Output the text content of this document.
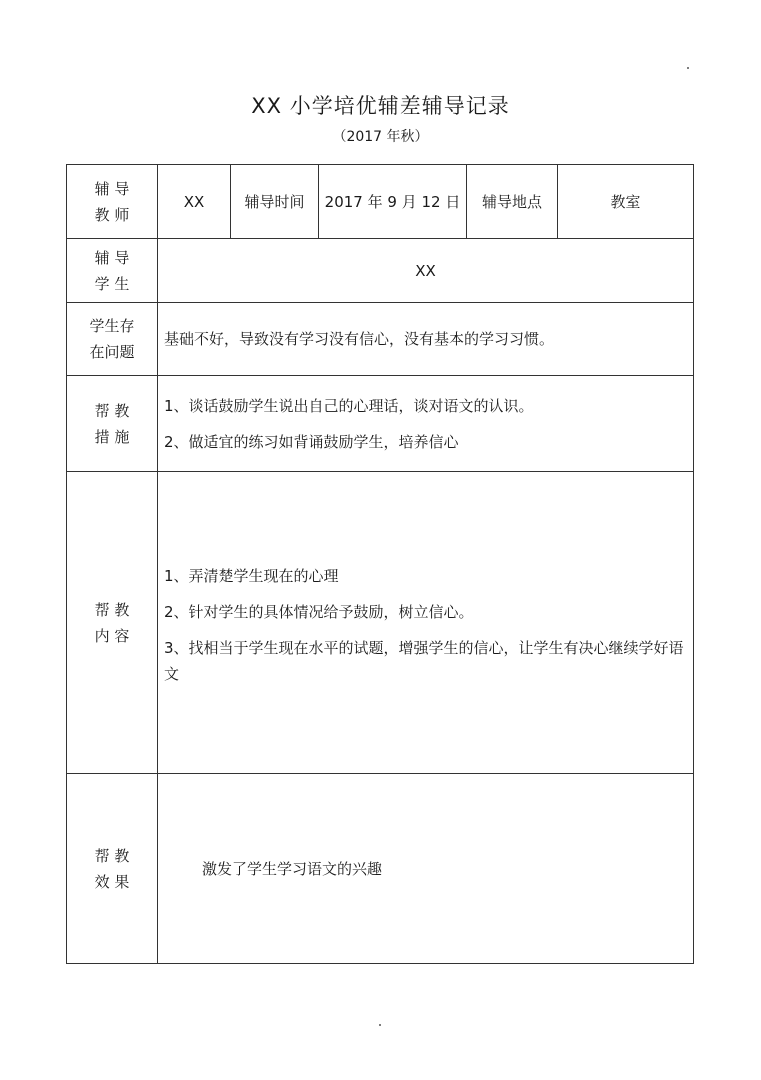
XX 小学培优辅差辅导记录
（2017 年秋）
辅 导
教 师	XX	辅导时间	2017 年 9 月 12 日	辅导地点	教室

辅 导
学 生	XX				

学生存
在问题	基础不好，导致没有学习没有信心，没有基本的学习习惯。				

帮 教
措 施	1、谈话鼓励学生说出自己的心理话，谈对语文的认识。
2、做适宜的练习如背诵鼓励学生，培养信心				

帮 教
内 容	1、弄清楚学生现在的心理
2、针对学生的具体情况给予鼓励，树立信心。
3、找相当于学生现在水平的试题，增强学生的信心，让学生有决心继续学好语文				

帮 教
效 果	激发了学生学习语文的兴趣				
